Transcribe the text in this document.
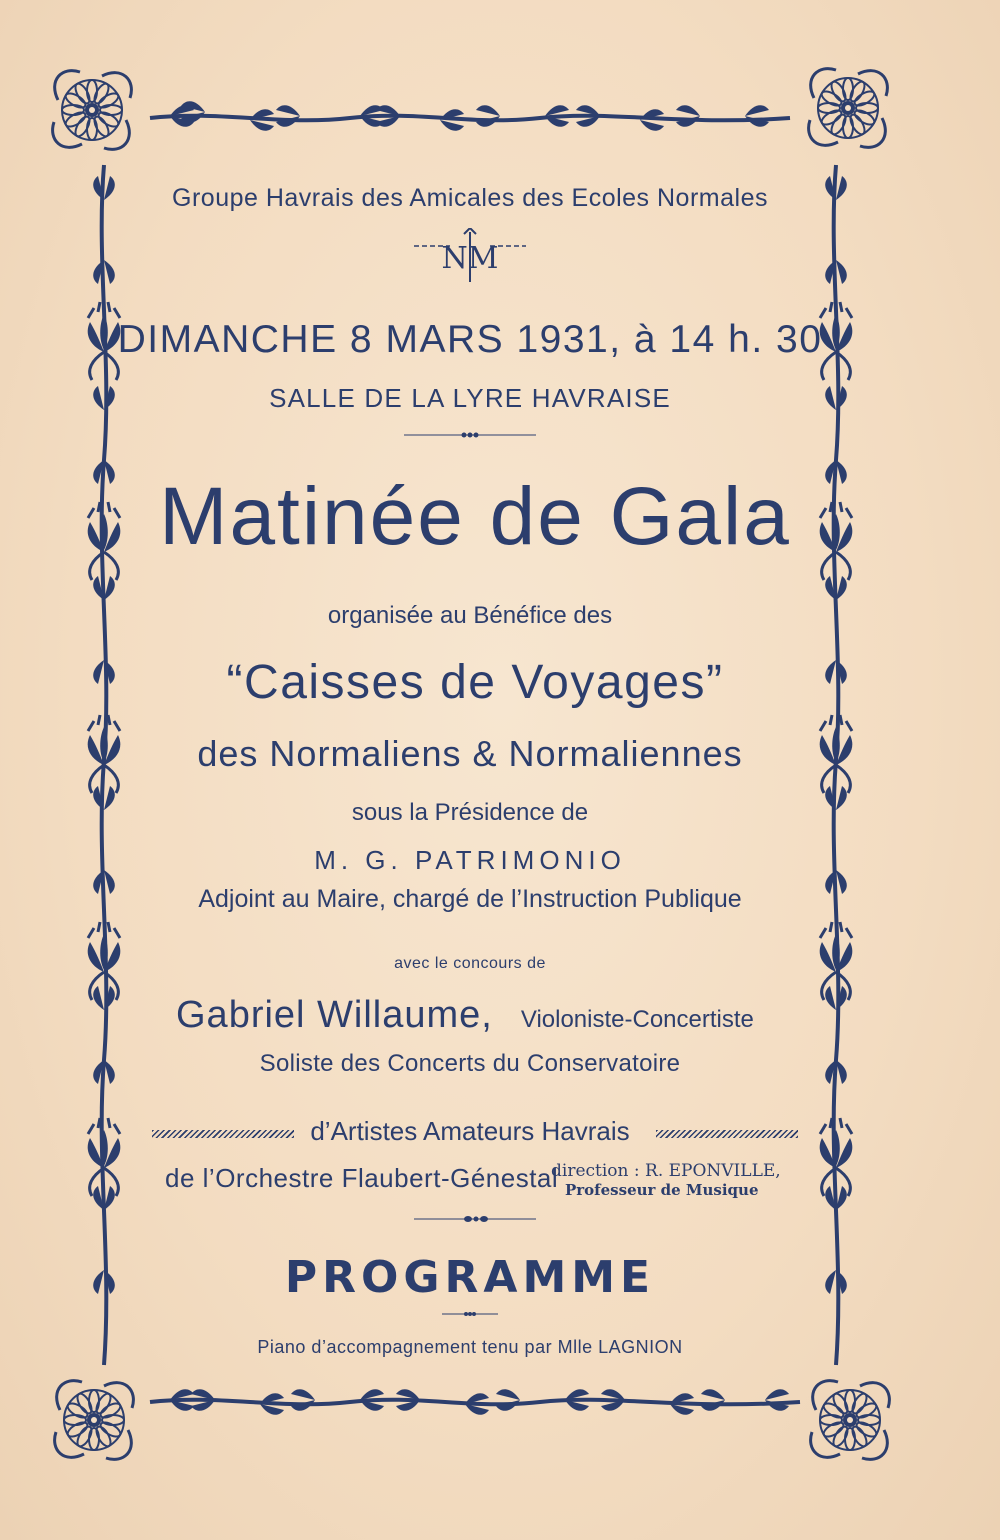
NM
Groupe Havrais des Amicales des Ecoles Normales
DIMANCHE 8 MARS 1931, à 14 h. 30
SALLE DE LA LYRE HAVRAISE
Matinée de Gala
organisée au Bénéfice des
“Caisses de Voyages”
des Normaliens & Normaliennes
sous la Présidence de
M. G. PATRIMONIO
Adjoint au Maire, chargé de l’Instruction Publique
avec le concours de
Gabriel Willaume, Violoniste-Concertiste
Soliste des Concerts du Conservatoire
d’Artistes Amateurs Havrais
de l’Orchestre Flaubert-Génestal
direction : R. EPONVILLE,
Professeur de Musique
PROGRAMME
Piano d’accompagnement tenu par Mlle LAGNION
